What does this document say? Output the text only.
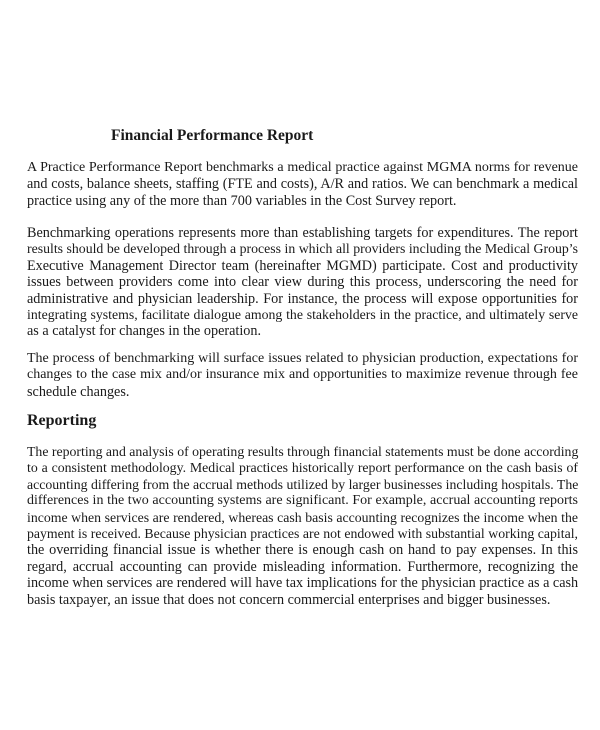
Financial Performance Report

A Practice Performance Report benchmarks a medical practice against MGMA norms for revenue
and costs, balance sheets, staffing (FTE and costs), A/R and ratios. We can benchmark a medical
practice using any of the more than 700 variables in the Cost Survey report.

Benchmarking operations represents more than establishing targets for expenditures. The report
results should be developed through a process in which all providers including the Medical Group’s
Executive Management Director team (hereinafter MGMD) participate. Cost and productivity
issues between providers come into clear view during this process, underscoring the need for
administrative and physician leadership. For instance, the process will expose opportunities for
integrating systems, facilitate dialogue among the stakeholders in the practice, and ultimately serve
as a catalyst for changes in the operation.

The process of benchmarking will surface issues related to physician production, expectations for
changes to the case mix and/or insurance mix and opportunities to maximize revenue through fee
schedule changes.

Reporting

The reporting and analysis of operating results through financial statements must be done according
to a consistent methodology. Medical practices historically report performance on the cash basis of
accounting differing from the accrual methods utilized by larger businesses including hospitals. The
differences in the two accounting systems are significant. For example, accrual accounting reports
income when services are rendered, whereas cash basis accounting recognizes the income when the
payment is received. Because physician practices are not endowed with substantial working capital,
the overriding financial issue is whether there is enough cash on hand to pay expenses. In this
regard, accrual accounting can provide misleading information. Furthermore, recognizing the
income when services are rendered will have tax implications for the physician practice as a cash
basis taxpayer, an issue that does not concern commercial enterprises and bigger businesses.
